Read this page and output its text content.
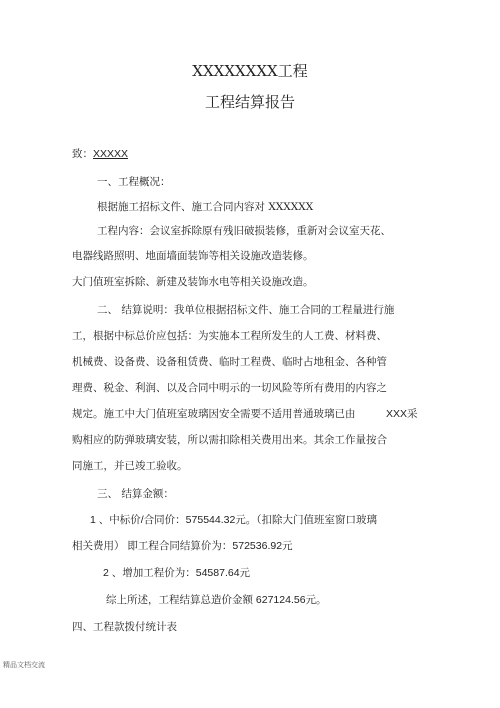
XXXXXXXX工程
工程结算报告
致：XXXXX
一、工程概况：
根据施工招标文件、施工合同内容对 XXXXXX
工程内容：会议室拆除原有残旧破损装修，重新对会议室天花、
电器线路照明、地面墙面装饰等相关设施改造装修。
大门值班室拆除、新建及装饰水电等相关设施改造。
二、 结算说明：我单位根据招标文件、施工合同的工程量进行施
工，根据中标总价应包括：为实施本工程所发生的人工费、材料费、
机械费、设备费、设备租赁费、临时工程费、临时占地租金、各种管
理费、税金、利润、以及合同中明示的一切风险等所有费用的内容之
规定。施工中大门值班室玻璃因安全需要不适用普通玻璃已由	XXX采
购相应的防弹玻璃安装，所以需扣除相关费用出来。其余工作量按合
同施工，并已竣工验收。
三、 结算金额：
1 、中标价/合同价：575544.32元。（扣除大门值班室窗口玻璃
相关费用） 即工程合同结算价为：572536.92元
2 、增加工程价为：54587.64元
综上所述，工程结算总造价金额 627124.56元。
四、工程款拨付统计表
精品文档交流
